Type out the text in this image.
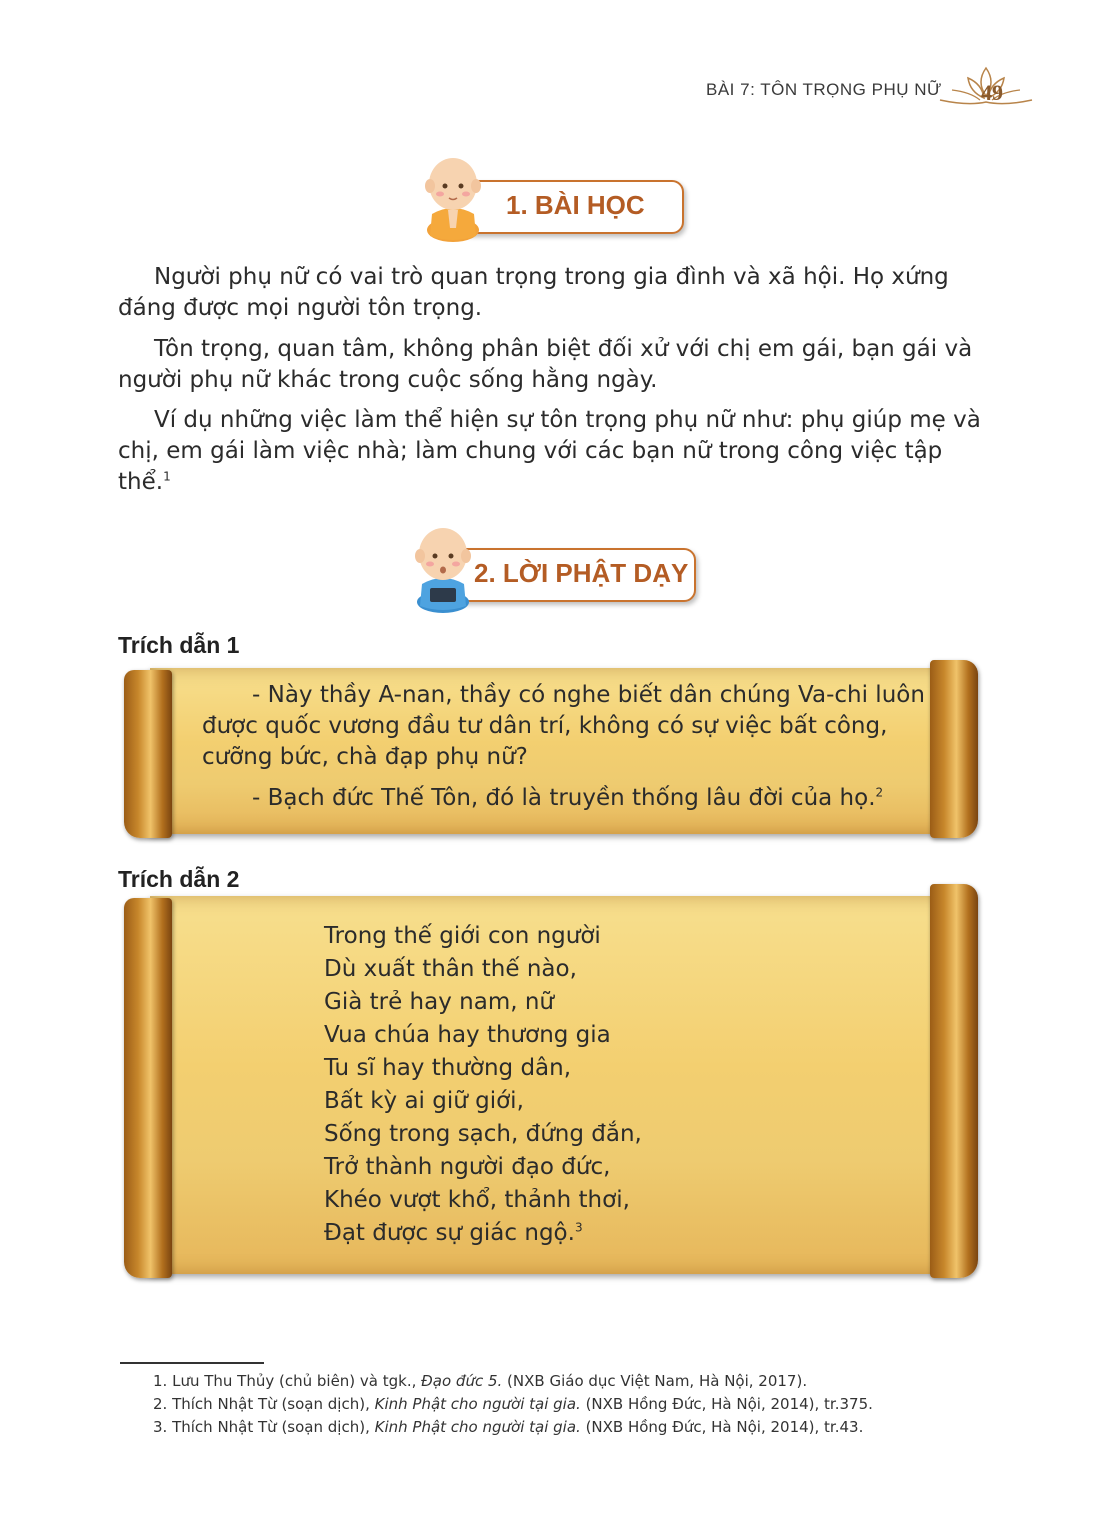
BÀI 7: TÔN TRỌNG PHỤ NỮ	49
1. BÀI HỌC

Người phụ nữ có vai trò quan trọng trong gia đình và xã hội. Họ xứng đáng được mọi người tôn trọng.

Tôn trọng, quan tâm, không phân biệt đối xử với chị em gái, bạn gái và người phụ nữ khác trong cuộc sống hằng ngày.

Ví dụ những việc làm thể hiện sự tôn trọng phụ nữ như: phụ giúp mẹ và chị, em gái làm việc nhà; làm chung với các bạn nữ trong công việc tập thể.$^1$

2. LỜI PHẬT DẠY
Trích dẫn 1

- Này thầy A-nan, thầy có nghe biết dân chúng Va-chi luôn được quốc vương đầu tư dân trí, không có sự việc bất công, cưỡng bức, chà đạp phụ nữ?

- Bạch đức Thế Tôn, đó là truyền thống lâu đời của họ.$^2$

Trích dẫn 2
Trong thế giới con người
Dù xuất thân thế nào,
Già trẻ hay nam, nữ
Vua chúa hay thương gia
Tu sĩ hay thường dân,
Bất kỳ ai giữ giới,
Sống trong sạch, đứng đắn,
Trở thành người đạo đức,
Khéo vượt khổ, thảnh thơi,
Đạt được sự giác ngộ.$^3$
1. Lưu Thu Thủy (chủ biên) và tgk., Đạo đức 5. (NXB Giáo dục Việt Nam, Hà Nội, 2017).
2. Thích Nhật Từ (soạn dịch), Kinh Phật cho người tại gia. (NXB Hồng Đức, Hà Nội, 2014), tr.375.
3. Thích Nhật Từ (soạn dịch), Kinh Phật cho người tại gia. (NXB Hồng Đức, Hà Nội, 2014), tr.43.
